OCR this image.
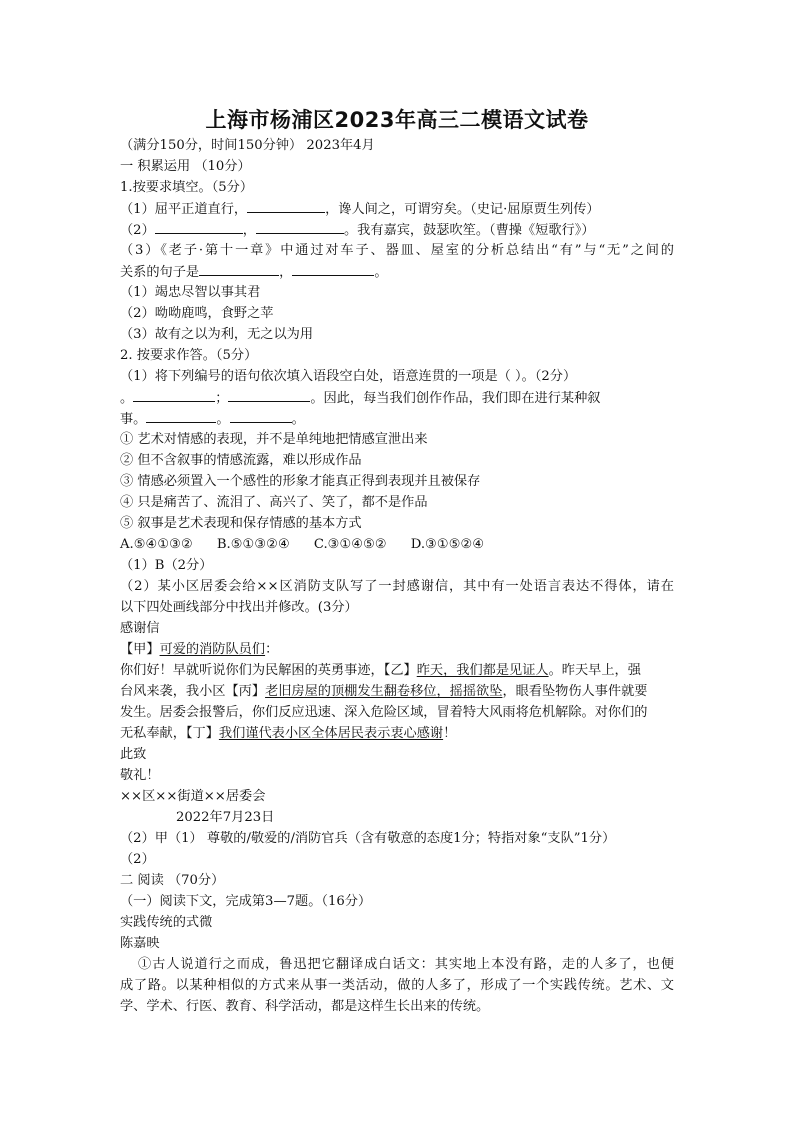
上海市杨浦区2023年高三二模语文试卷
（满分150分，时间150分钟） 2023年4月
一 积累运用 （10分）
1.按要求填空。（5分）
（1）屈平正道直行，	，谗人间之，可谓穷矣。（史记·屈原贾生列传）
（2）	，	。我有嘉宾，鼓瑟吹笙。（曹操《短歌行》）
（3）《老子·第十一章》中通过对车子、器皿、屋室的分析总结出“有”与“无”之间的
关系的句子是	，	。
（1）竭忠尽智以事其君
（2）呦呦鹿鸣，食野之苹
（3）故有之以为利，无之以为用
2. 按要求作答。（5分）
（1）将下列编号的语句依次填入语段空白处，语意连贯的一项是（ ）。（2分）
。	；	。因此，每当我们创作作品，我们即在进行某种叙
事。	。	。
① 艺术对情感的表现，并不是单纯地把情感宣泄出来
② 但不含叙事的情感流露，难以形成作品
③ 情感必须置入一个感性的形象才能真正得到表现并且被保存
④ 只是痛苦了、流泪了、高兴了、笑了，都不是作品
⑤ 叙事是艺术表现和保存情感的基本方式
A.⑤④①③② B.⑤①③②④ C.③①④⑤② D.③①⑤②④
（1）B（2分）
（2）某小区居委会给××区消防支队写了一封感谢信，其中有一处语言表达不得体，请在
以下四处画线部分中找出并修改。(3分）
感谢信
【甲】可爱的消防队员们：
你们好！早就听说你们为民解困的英勇事迹，【乙】昨天，我们都是见证人。昨天早上，强
台风来袭，我小区【丙】老旧房屋的顶棚发生翻卷移位，摇摇欲坠，眼看坠物伤人事件就要
发生。居委会报警后，你们反应迅速、深入危险区域，冒着特大风雨将危机解除。对你们的
无私奉献，【丁】我们谨代表小区全体居民表示衷心感谢！
此致
敬礼！
××区××街道××居委会
2022年7月23日
（2）甲（1） 尊敬的/敬爱的/消防官兵（含有敬意的态度1分；特指对象“支队”1分）
（2）
二 阅读 （70分）
（一）阅读下文，完成第3—7题。（16分）
实践传统的式微
陈嘉映
①古人说道行之而成，鲁迅把它翻译成白话文：其实地上本没有路，走的人多了，也便
成了路。以某种相似的方式来从事一类活动，做的人多了，形成了一个实践传统。艺术、文
学、学术、行医、教育、科学活动，都是这样生长出来的传统。
